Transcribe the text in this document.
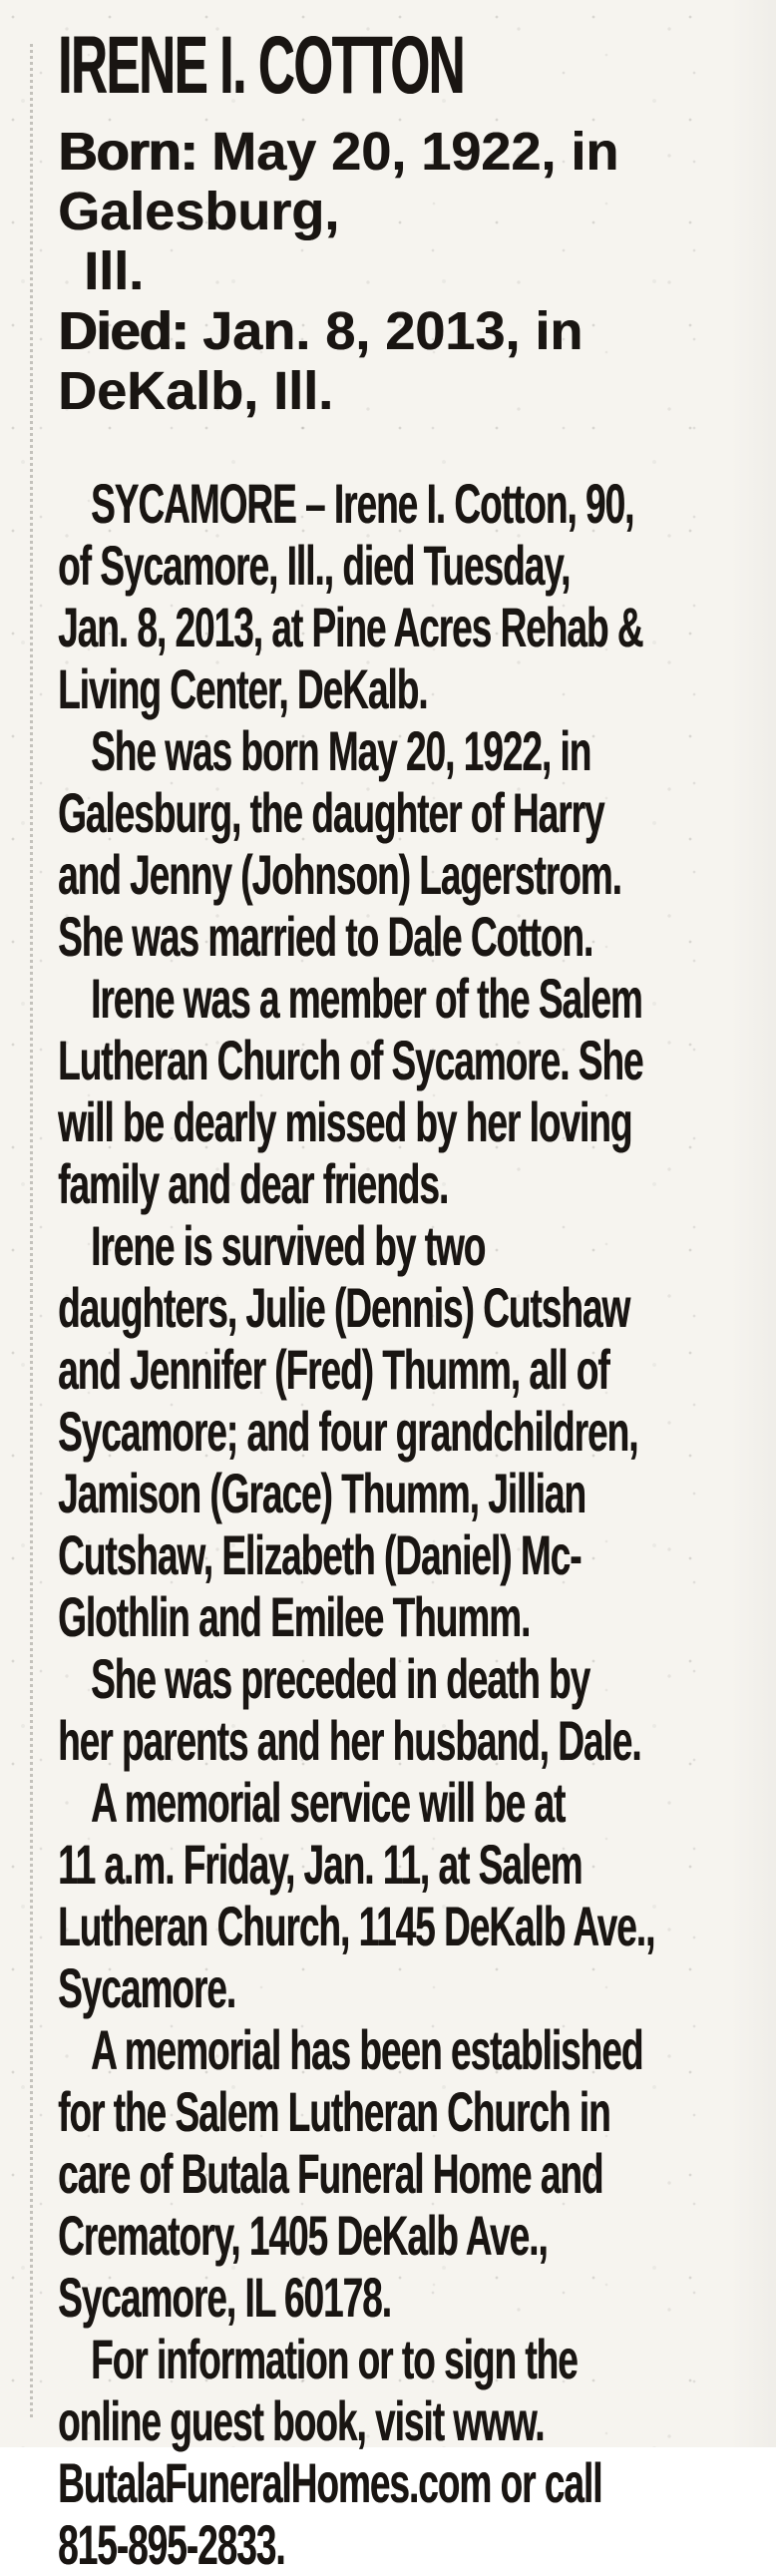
IRENE I. COTTON
Born: May 20, 1922, in Galesburg,
Ill.
Died: Jan. 8, 2013, in DeKalb, Ill.
SYCAMORE – Irene I. Cotton, 90,
of Sycamore, Ill., died Tuesday,
Jan. 8, 2013, at Pine Acres Rehab &
Living Center, DeKalb.
She was born May 20, 1922, in
Galesburg, the daughter of Harry
and Jenny (Johnson) Lagerstrom.
She was married to Dale Cotton.
Irene was a member of the Salem
Lutheran Church of Sycamore. She
will be dearly missed by her loving
family and dear friends.
Irene is survived by two
daughters, Julie (Dennis) Cutshaw
and Jennifer (Fred) Thumm, all of
Sycamore; and four grandchildren,
Jamison (Grace) Thumm, Jillian
Cutshaw, Elizabeth (Daniel) Mc-
Glothlin and Emilee Thumm.
She was preceded in death by
her parents and her husband, Dale.
A memorial service will be at
11 a.m. Friday, Jan. 11, at Salem
Lutheran Church, 1145 DeKalb Ave.,
Sycamore.
A memorial has been established
for the Salem Lutheran Church in
care of Butala Funeral Home and
Crematory, 1405 DeKalb Ave.,
Sycamore, IL 60178.
For information or to sign the
online guest book, visit www.
ButalaFuneralHomes.com or call
815-895-2833.
